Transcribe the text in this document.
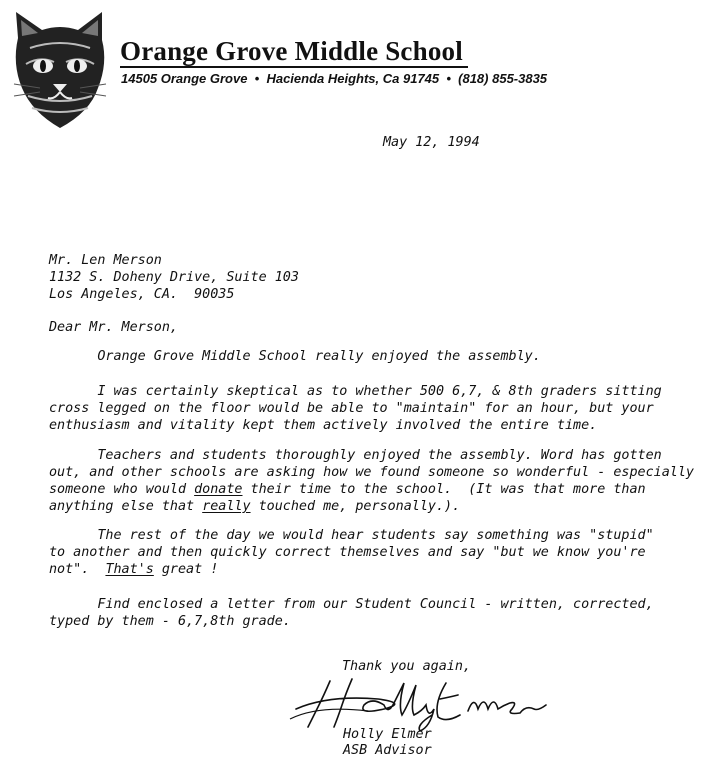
Orange Grove Middle School
14505 Orange Grove  •  Hacienda Heights, Ca 91745  •  (818) 855-3835
May 12, 1994
Mr. Len Merson
1132 S. Doheny Drive, Suite 103
Los Angeles, CA.  90035
Dear Mr. Merson,
Orange Grove Middle School really enjoyed the assembly.
I was certainly skeptical as to whether 500 6,7, & 8th graders sitting
cross legged on the floor would be able to "maintain" for an hour, but your
enthusiasm and vitality kept them actively involved the entire time.
Teachers and students thoroughly enjoyed the assembly. Word has gotten
out, and other schools are asking how we found someone so wonderful - especially
someone who would donate their time to the school.  (It was that more than
anything else that really touched me, personally.).
The rest of the day we would hear students say something was "stupid"
to another and then quickly correct themselves and say "but we know you're
not".  That's great !
Find enclosed a letter from our Student Council - written, corrected,
typed by them - 6,7,8th grade.
Thank you again,
Holly Elmer
ASB Advisor
